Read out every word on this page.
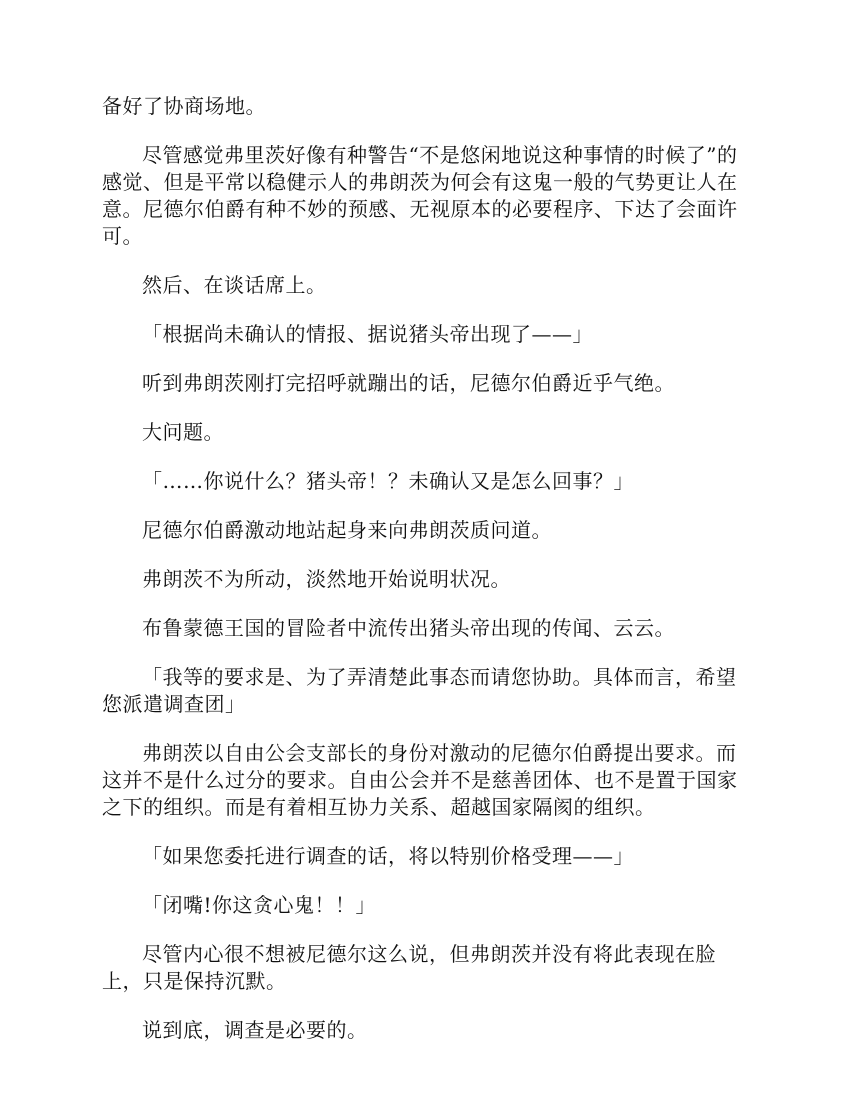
备好了协商场地。

尽管感觉弗里茨好像有种警告“不是悠闲地说这种事情的时候了”的感觉、但是平常以稳健示人的弗朗茨为何会有这鬼一般的气势更让人在意。尼德尔伯爵有种不妙的预感、无视原本的必要程序、下达了会面许可。

然后、在谈话席上。

「根据尚未确认的情报、据说猪头帝出现了——」

听到弗朗茨刚打完招呼就蹦出的话，尼德尔伯爵近乎气绝。

大问题。

「……你说什么？猪头帝！？未确认又是怎么回事？」

尼德尔伯爵激动地站起身来向弗朗茨质问道。

弗朗茨不为所动，淡然地开始说明状况。

布鲁蒙德王国的冒险者中流传出猪头帝出现的传闻、云云。

「我等的要求是、为了弄清楚此事态而请您协助。具体而言，希望您派遣调查团」

弗朗茨以自由公会支部长的身份对激动的尼德尔伯爵提出要求。而这并不是什么过分的要求。自由公会并不是慈善团体、也不是置于国家之下的组织。而是有着相互协力关系、超越国家隔阂的组织。

「如果您委托进行调查的话，将以特别价格受理——」

「闭嘴!你这贪心鬼！！」

尽管内心很不想被尼德尔这么说，但弗朗茨并没有将此表现在脸上，只是保持沉默。

说到底，调查是必要的。
